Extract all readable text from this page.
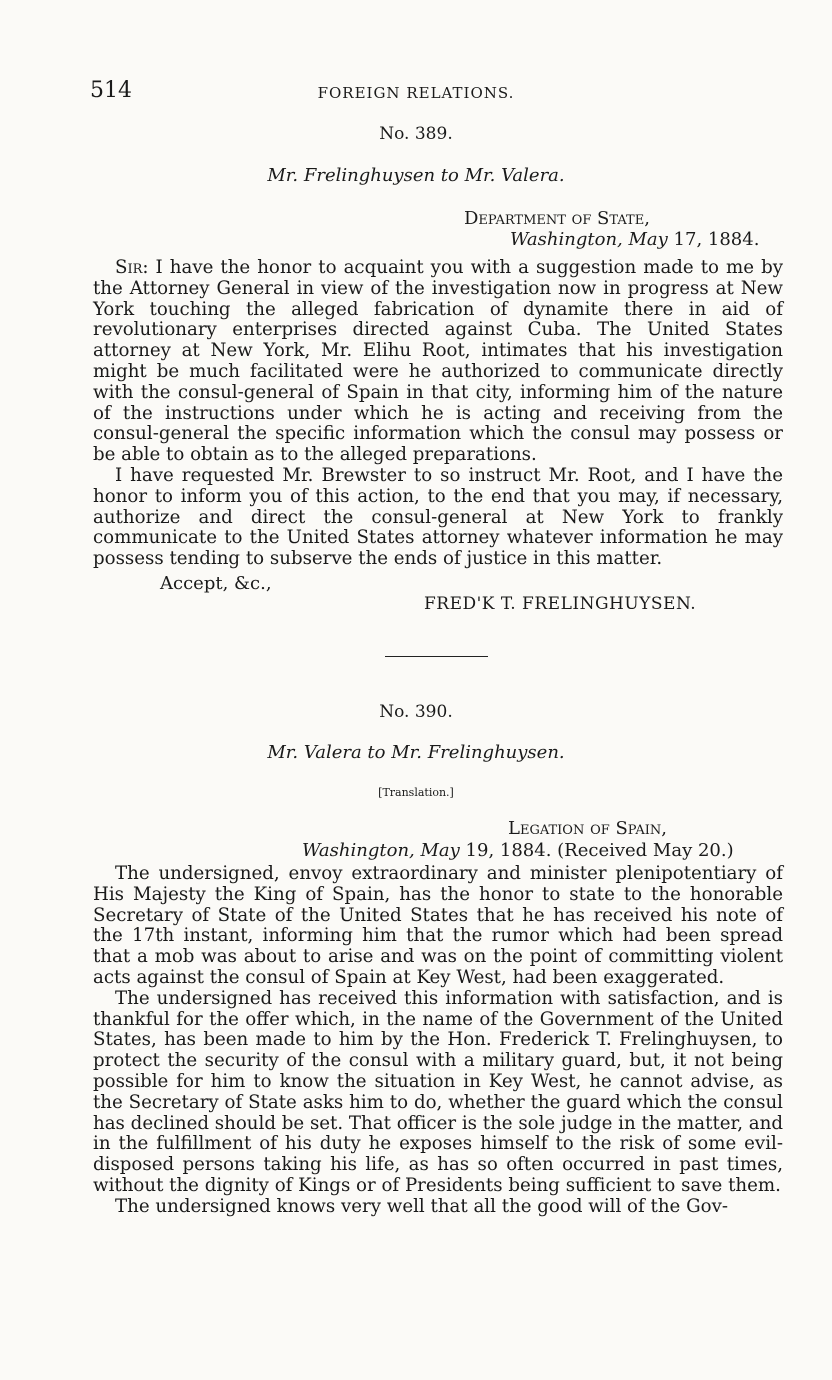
514	FOREIGN RELATIONS.
No. 389.
Mr. Frelinghuysen to Mr. Valera.
Department of State,
Washington, May 17, 1884.

Sir: I have the honor to acquaint you with a suggestion made to me by the Attorney General in view of the investigation now in progress at New York touching the alleged fabrication of dynamite there in aid of revolutionary enterprises directed against Cuba. The United States attorney at New York, Mr. Elihu Root, intimates that his investigation might be much facilitated were he authorized to communicate directly with the consul-general of Spain in that city, informing him of the nature of the instructions under which he is acting and receiving from the consul-general the specific information which the consul may possess or be able to obtain as to the alleged preparations.

I have requested Mr. Brewster to so instruct Mr. Root, and I have the honor to inform you of this action, to the end that you may, if necessary, authorize and direct the consul-general at New York to frankly communicate to the United States attorney whatever information he may possess tending to subserve the ends of justice in this matter.

Accept, &c.,
FRED'K T. FRELINGHUYSEN.
No. 390.
Mr. Valera to Mr. Frelinghuysen.
[Translation.]
Legation of Spain,
Washington, May 19, 1884. (Received May 20.)

The undersigned, envoy extraordinary and minister plenipotentiary of His Majesty the King of Spain, has the honor to state to the honorable Secretary of State of the United States that he has received his note of the 17th instant, informing him that the rumor which had been spread that a mob was about to arise and was on the point of committing violent acts against the consul of Spain at Key West, had been exaggerated.

The undersigned has received this information with satisfaction, and is thankful for the offer which, in the name of the Government of the United States, has been made to him by the Hon. Frederick T. Frelinghuysen, to protect the security of the consul with a military guard, but, it not being possible for him to know the situation in Key West, he cannot advise, as the Secretary of State asks him to do, whether the guard which the consul has declined should be set. That officer is the sole judge in the matter, and in the fulfillment of his duty he exposes himself to the risk of some evil-disposed persons taking his life, as has so often occurred in past times, without the dignity of Kings or of Presidents being sufficient to save them.

The undersigned knows very well that all the good will of the Gov-
